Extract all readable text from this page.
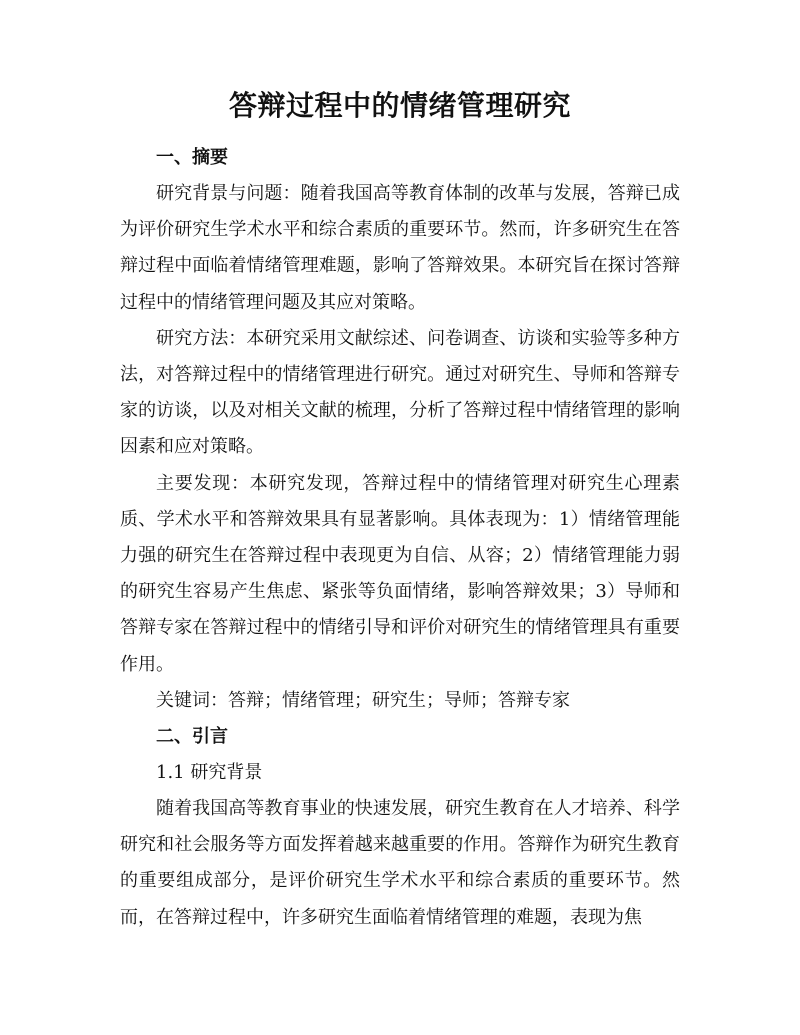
答辩过程中的情绪管理研究

一、摘要

研究背景与问题：随着我国高等教育体制的改革与发展，答辩已成为评价研究生学术水平和综合素质的重要环节。然而，许多研究生在答辩过程中面临着情绪管理难题，影响了答辩效果。本研究旨在探讨答辩过程中的情绪管理问题及其应对策略。

研究方法：本研究采用文献综述、问卷调查、访谈和实验等多种方法，对答辩过程中的情绪管理进行研究。通过对研究生、导师和答辩专家的访谈，以及对相关文献的梳理，分析了答辩过程中情绪管理的影响因素和应对策略。

主要发现：本研究发现，答辩过程中的情绪管理对研究生心理素质、学术水平和答辩效果具有显著影响。具体表现为：1）情绪管理能力强的研究生在答辩过程中表现更为自信、从容；2）情绪管理能力弱的研究生容易产生焦虑、紧张等负面情绪，影响答辩效果；3）导师和答辩专家在答辩过程中的情绪引导和评价对研究生的情绪管理具有重要作用。

关键词：答辩；情绪管理；研究生；导师；答辩专家

二、引言

1.1 研究背景

随着我国高等教育事业的快速发展，研究生教育在人才培养、科学研究和社会服务等方面发挥着越来越重要的作用。答辩作为研究生教育的重要组成部分，是评价研究生学术水平和综合素质的重要环节。然而，在答辩过程中，许多研究生面临着情绪管理的难题，表现为焦
